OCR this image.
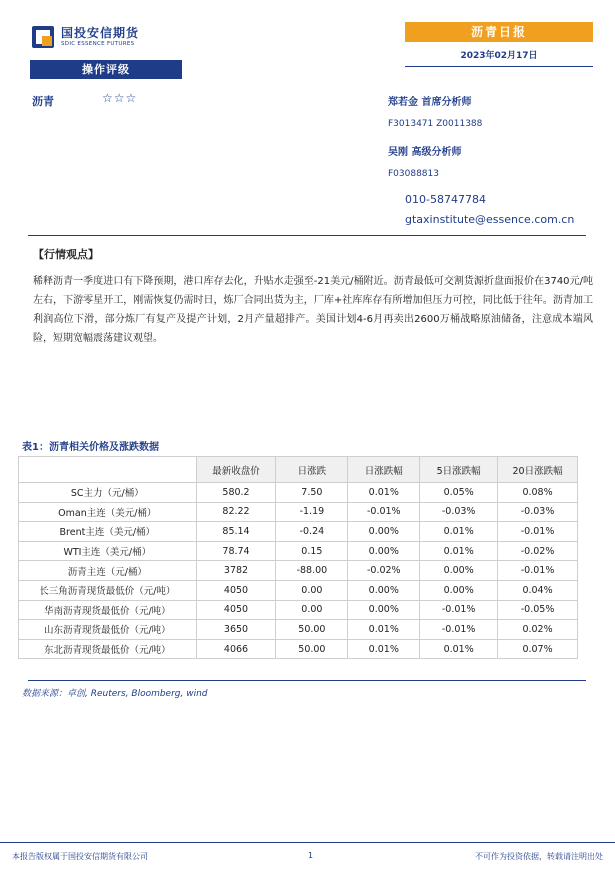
国投安信期货
SDIC ESSENCE FUTURES
操作评级
沥青日报
2023年02月17日
沥青	☆☆☆	郑若金 首席分析师
F3013471 Z0011388
吴刚 高级分析师
F03088813
010-58747784
gtaxinstitute@essence.com.cn
【行情观点】
稀释沥青一季度进口有下降预期，港口库存去化，升贴水走强至-21美元/桶附近。沥青最低可交割货源折盘面报价在3740元/吨左右，下游零星开工，刚需恢复仍需时日，炼厂合同出货为主，厂库+社库库存有所增加但压力可控，同比低于往年。沥青加工利润高位下滑，部分炼厂有复产及提产计划，2月产量超排产。美国计划4-6月再卖出2600万桶战略原油储备，注意成本端风险，短期宽幅震荡建议观望。
表1：沥青相关价格及涨跌数据
	最新收盘价	日涨跌	日涨跌幅	5日涨跌幅	20日涨跌幅
SC主力（元/桶）	580.2	7.50	0.01%	0.05%	0.08%
Oman主连（美元/桶）	82.22	-1.19	-0.01%	-0.03%	-0.03%
Brent主连（美元/桶）	85.14	-0.24	0.00%	0.01%	-0.01%
WTI主连（美元/桶）	78.74	0.15	0.00%	0.01%	-0.02%
沥青主连（元/桶）	3782	-88.00	-0.02%	0.00%	-0.01%
长三角沥青现货最低价（元/吨）	4050	0.00	0.00%	0.00%	0.04%
华南沥青现货最低价（元/吨）	4050	0.00	0.00%	-0.01%	-0.05%
山东沥青现货最低价（元/吨）	3650	50.00	0.01%	-0.01%	0.02%
东北沥青现货最低价（元/吨）	4066	50.00	0.01%	0.01%	0.07%
数据来源：卓创, Reuters, Bloomberg, wind
本报告版权属于国投安信期货有限公司	1	不可作为投资依据，转载请注明出处
